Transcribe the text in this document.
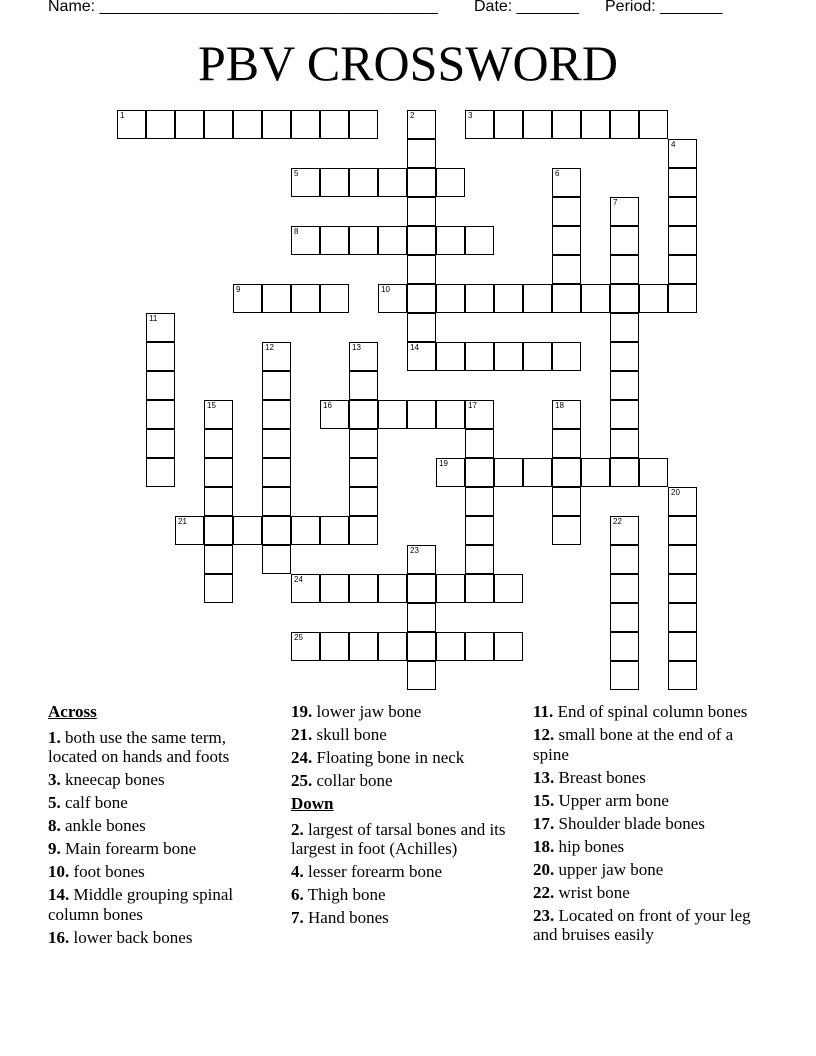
Name: ______________________________________ Date: _______ Period: _______
PBV CROSSWORD
1	2	3
4
5	6
7
8
9	10
11
12	13	14
15	16	17	18
19
20
21	22
23
24
25
Across
1. both use the same term, located on hands and foots
3. kneecap bones
5. calf bone
8. ankle bones
9. Main forearm bone
10. foot bones
14. Middle grouping spinal column bones
16. lower back bones
19. lower jaw bone
21. skull bone
24. Floating bone in neck
25. collar bone
Down
2. largest of tarsal bones and its largest in foot (Achilles)
4. lesser forearm bone
6. Thigh bone
7. Hand bones
11. End of spinal column bones
12. small bone at the end of a spine
13. Breast bones
15. Upper arm bone
17. Shoulder blade bones
18. hip bones
20. upper jaw bone
22. wrist bone
23. Located on front of your leg and bruises easily
